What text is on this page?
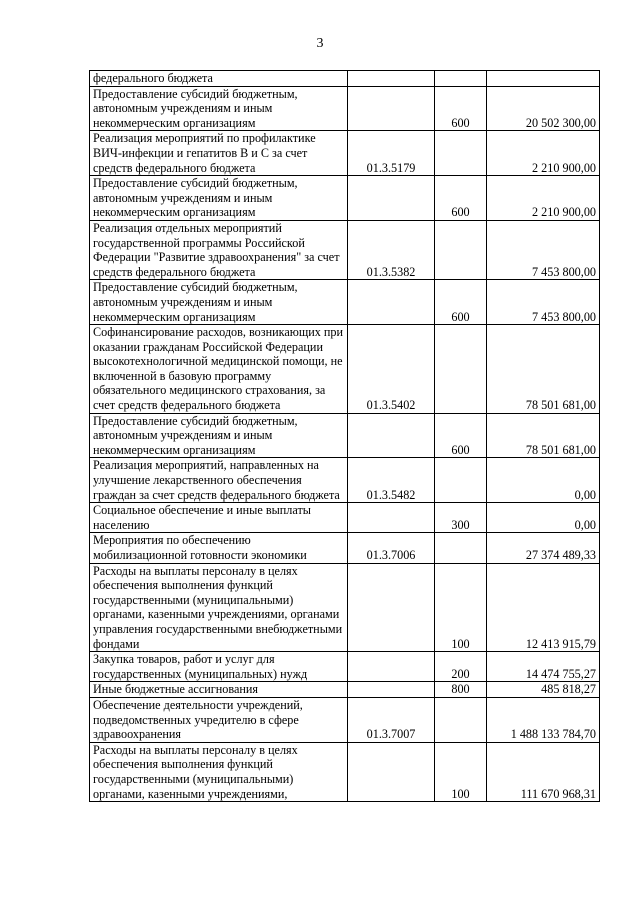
3
федерального бюджета			
Предоставление субсидий бюджетным, автономным учреждениям и иным некоммерческим организациям		600	20 502 300,00
Реализация мероприятий по профилактике ВИЧ-инфекции и гепатитов В и С за счет средств федерального бюджета	01.3.5179		2 210 900,00
Предоставление субсидий бюджетным, автономным учреждениям и иным некоммерческим организациям		600	2 210 900,00
Реализация отдельных мероприятий государственной программы Российской Федерации "Развитие здравоохранения" за счет средств федерального бюджета	01.3.5382		7 453 800,00
Предоставление субсидий бюджетным, автономным учреждениям и иным некоммерческим организациям		600	7 453 800,00
Софинансирование расходов, возникающих при оказании гражданам Российской Федерации высокотехнологичной медицинской помощи, не включенной в базовую программу обязательного медицинского страхования, за счет средств федерального бюджета	01.3.5402		78 501 681,00
Предоставление субсидий бюджетным, автономным учреждениям и иным некоммерческим организациям		600	78 501 681,00
Реализация мероприятий, направленных на улучшение лекарственного обеспечения граждан за счет средств федерального бюджета	01.3.5482		0,00
Социальное обеспечение и иные выплаты населению		300	0,00
Мероприятия по обеспечению мобилизационной готовности экономики	01.3.7006		27 374 489,33
Расходы на выплаты персоналу в целях обеспечения выполнения функций государственными (муниципальными) органами, казенными учреждениями, органами управления государственными внебюджетными фондами		100	12 413 915,79
Закупка товаров, работ и услуг для государственных (муниципальных) нужд		200	14 474 755,27
Иные бюджетные ассигнования		800	485 818,27
Обеспечение деятельности учреждений, подведомственных учредителю в сфере здравоохранения	01.3.7007		1 488 133 784,70
Расходы на выплаты персоналу в целях обеспечения выполнения функций государственными (муниципальными) органами, казенными учреждениями,		100	111 670 968,31
